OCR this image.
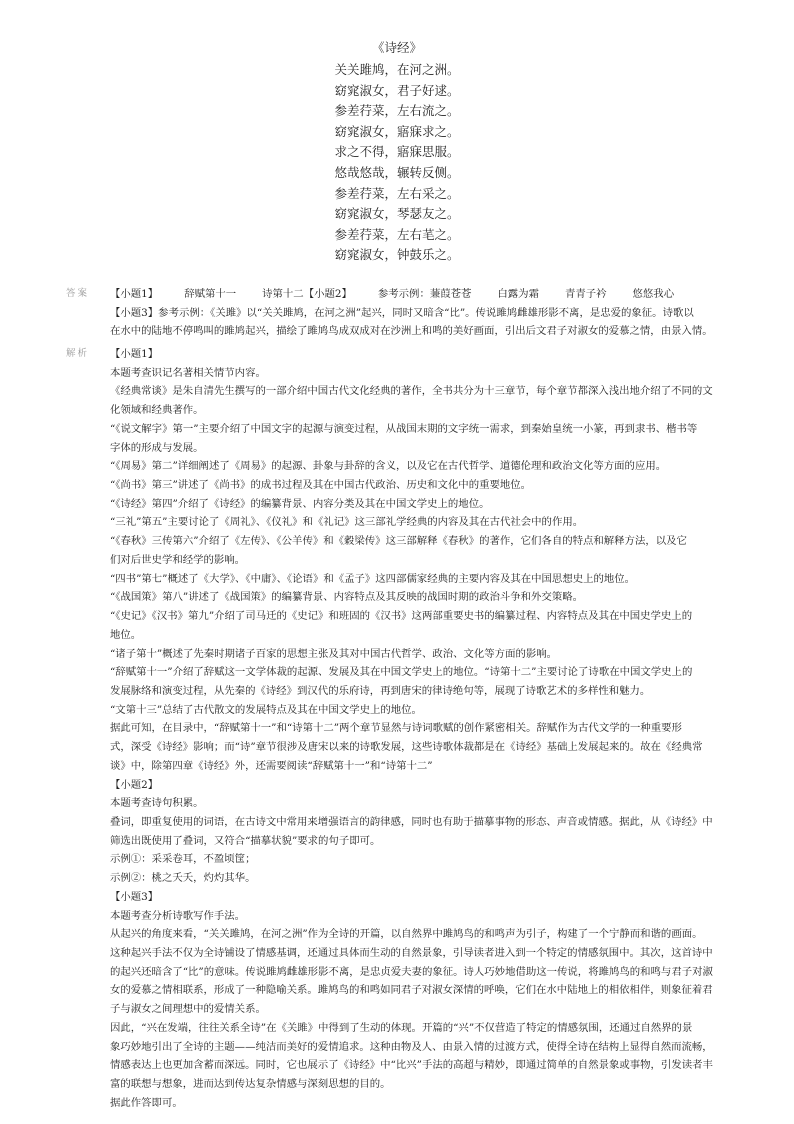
《诗经》
关关雎鸠，在河之洲。
窈窕淑女，君子好逑。
参差荇菜，左右流之。
窈窕淑女，寤寐求之。
求之不得，寤寐思服。
悠哉悠哉，辗转反侧。
参差荇菜，左右采之。
窈窕淑女，琴瑟友之。
参差荇菜，左右芼之。
窈窕淑女，钟鼓乐之。
答案 【小题1】	辞赋第十一	诗第十二【小题2】	参考示例：蒹葭苍苍	白露为霜	青青子衿	悠悠我心
【小题3】参考示例：《关雎》以“关关雎鸠，在河之洲”起兴，同时又暗含“比”。传说雎鸠雌雄形影不离，是忠爱的象征。诗歌以
在水中的陆地不停鸣叫的雎鸠起兴，描绘了雎鸠鸟成双成对在沙洲上和鸣的美好画面，引出后文君子对淑女的爱慕之情，由景入情。
解析 【小题1】
本题考查识记名著相关情节内容。
《经典常谈》是朱自清先生撰写的一部介绍中国古代文化经典的著作，全书共分为十三章节，每个章节都深入浅出地介绍了不同的文
化领域和经典著作。
“《说文解字》第一”主要介绍了中国文字的起源与演变过程，从战国末期的文字统一需求，到秦始皇统一小篆，再到隶书、楷书等
字体的形成与发展。
“《周易》第二”详细阐述了《周易》的起源、卦象与卦辞的含义，以及它在古代哲学、道德伦理和政治文化等方面的应用。
“《尚书》第三”讲述了《尚书》的成书过程及其在中国古代政治、历史和文化中的重要地位。
“《诗经》第四”介绍了《诗经》的编纂背景、内容分类及其在中国文学史上的地位。
“三礼”第五”主要讨论了《周礼》、《仪礼》和《礼记》这三部礼学经典的内容及其在古代社会中的作用。
“《春秋》三传第六”介绍了《左传》、《公羊传》和《穀梁传》这三部解释《春秋》的著作，它们各自的特点和解释方法，以及它
们对后世史学和经学的影响。
“四书”第七”概述了《大学》、《中庸》、《论语》和《孟子》这四部儒家经典的主要内容及其在中国思想史上的地位。
“《战国策》第八”讲述了《战国策》的编纂背景、内容特点及其反映的战国时期的政治斗争和外交策略。
“《史记》《汉书》第九”介绍了司马迁的《史记》和班固的《汉书》这两部重要史书的编纂过程、内容特点及其在中国史学史上的
地位。
“诸子第十”概述了先秦时期诸子百家的思想主张及其对中国古代哲学、政治、文化等方面的影响。
“辞赋第十一”介绍了辞赋这一文学体裁的起源、发展及其在中国文学史上的地位。“诗第十二”主要讨论了诗歌在中国文学史上的
发展脉络和演变过程，从先秦的《诗经》到汉代的乐府诗，再到唐宋的律诗绝句等，展现了诗歌艺术的多样性和魅力。
“文第十三”总结了古代散文的发展特点及其在中国文学史上的地位。
据此可知，在目录中，“辞赋第十一”和“诗第十二”两个章节显然与诗词歌赋的创作紧密相关。辞赋作为古代文学的一种重要形
式，深受《诗经》影响；而“诗”章节很涉及唐宋以来的诗歌发展，这些诗歌体裁都是在《诗经》基础上发展起来的。故在《经典常
谈》中，除第四章《诗经》外，还需要阅读“辞赋第十一”和“诗第十二”
【小题2】
本题考查诗句积累。
叠词，即重复使用的词语，在古诗文中常用来增强语言的韵律感，同时也有助于描摹事物的形态、声音或情感。据此，从《诗经》中
筛选出既使用了叠词，又符合“描摹状貌”要求的句子即可。
示例①：采采卷耳，不盈顷筐；
示例②：桃之夭夭，灼灼其华。
【小题3】
本题考查分析诗歌写作手法。
从起兴的角度来看，“关关雎鸠，在河之洲”作为全诗的开篇，以自然界中雎鸠鸟的和鸣声为引子，构建了一个宁静而和谐的画面。
这种起兴手法不仅为全诗铺设了情感基调，还通过具体而生动的自然景象，引导读者进入到一个特定的情感氛围中。其次，这首诗中
的起兴还暗含了“比”的意味。传说雎鸠雌雄形影不离，是忠贞爱夫妻的象征。诗人巧妙地借助这一传说，将雎鸠鸟的和鸣与君子对淑
女的爱慕之情相联系，形成了一种隐喻关系。雎鸠鸟的和鸣如同君子对淑女深情的呼唤，它们在水中陆地上的相依相伴，则象征着君
子与淑女之间理想中的爱情关系。
因此，“兴在发端，往往关系全诗”在《关雎》中得到了生动的体现。开篇的“兴”不仅营造了特定的情感氛围，还通过自然界的景
象巧妙地引出了全诗的主题——纯洁而美好的爱情追求。这种由物及人、由景入情的过渡方式，使得全诗在结构上显得自然而流畅，
情感表达上也更加含蓄而深远。同时，它也展示了《诗经》中“比兴”手法的高超与精妙，即通过简单的自然景象或事物，引发读者丰
富的联想与想象，进而达到传达复杂情感与深刻思想的目的。
据此作答即可。
